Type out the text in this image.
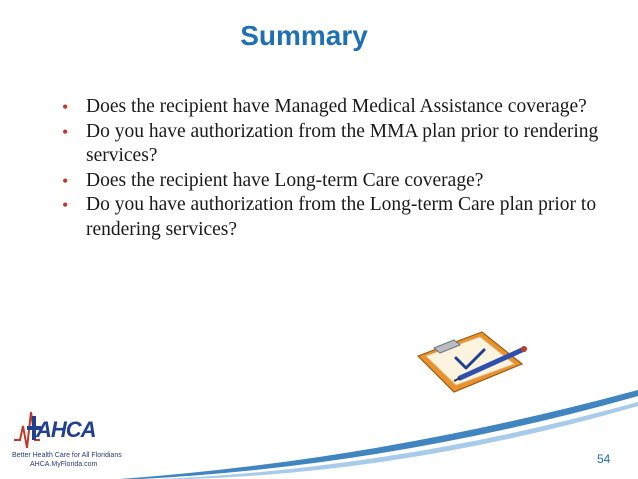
Summary
• Does the recipient have Managed Medical Assistance coverage?
• Do you have authorization from the MMA plan prior to rendering services?
• Does the recipient have Long-term Care coverage?
• Do you have authorization from the Long-term Care plan prior to rendering services?
AHCA
Better Health Care for All Floridians
AHCA.MyFlorida.com	54
